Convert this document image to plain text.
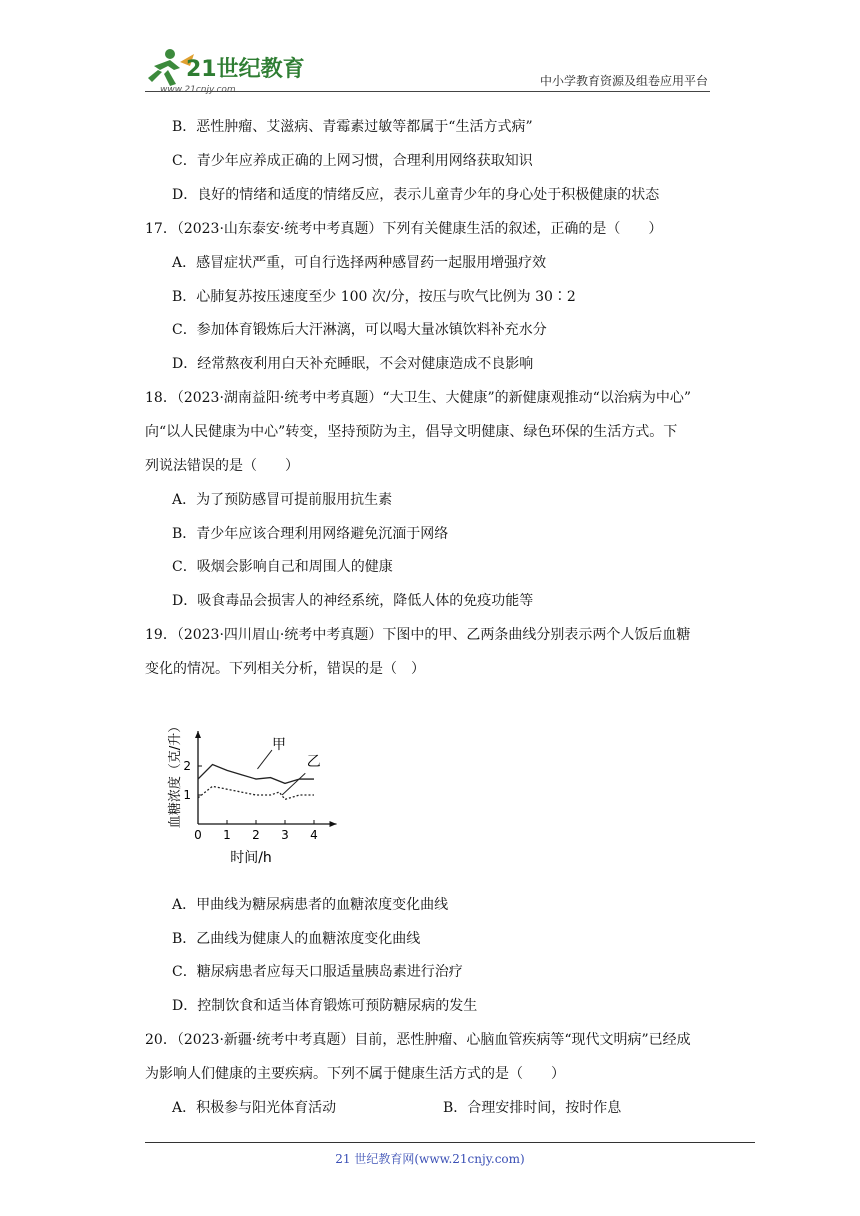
21世纪教育
www.21cnjy.com
中小学教育资源及组卷应用平台
B．恶性肿瘤、艾滋病、青霉素过敏等都属于“生活方式病”
C．青少年应养成正确的上网习惯，合理利用网络获取知识
D．良好的情绪和适度的情绪反应，表示儿童青少年的身心处于积极健康的状态
17．（2023·山东泰安·统考中考真题）下列有关健康生活的叙述，正确的是（　　）
A．感冒症状严重，可自行选择两种感冒药一起服用增强疗效
B．心肺复苏按压速度至少 100 次/分，按压与吹气比例为 30∶2
C．参加体育锻炼后大汗淋漓，可以喝大量冰镇饮料补充水分
D．经常熬夜利用白天补充睡眠，不会对健康造成不良影响
18．（2023·湖南益阳·统考中考真题）“大卫生、大健康”的新健康观推动“以治病为中心”
向“以人民健康为中心”转变，坚持预防为主，倡导文明健康、绿色环保的生活方式。下
列说法错误的是（　　）
A．为了预防感冒可提前服用抗生素
B．青少年应该合理利用网络避免沉湎于网络
C．吸烟会影响自己和周围人的健康
D．吸食毒品会损害人的神经系统，降低人体的免疫功能等
19．（2023·四川眉山·统考中考真题）下图中的甲、乙两条曲线分别表示两个人饭后血糖
变化的情况。下列相关分析，错误的是（　）
0 1 2 3 4
1
2
时间/h
血糖浓度（克/升）	甲
乙
A．甲曲线为糖尿病患者的血糖浓度变化曲线
B．乙曲线为健康人的血糖浓度变化曲线
C．糖尿病患者应每天口服适量胰岛素进行治疗
D．控制饮食和适当体育锻炼可预防糖尿病的发生
20．（2023·新疆·统考中考真题）目前，恶性肿瘤、心脑血管疾病等“现代文明病”已经成
为影响人们健康的主要疾病。下列不属于健康生活方式的是（　　）
A．积极参与阳光体育活动	B．合理安排时间，按时作息
21 世纪教育网(www.21cnjy.com)
